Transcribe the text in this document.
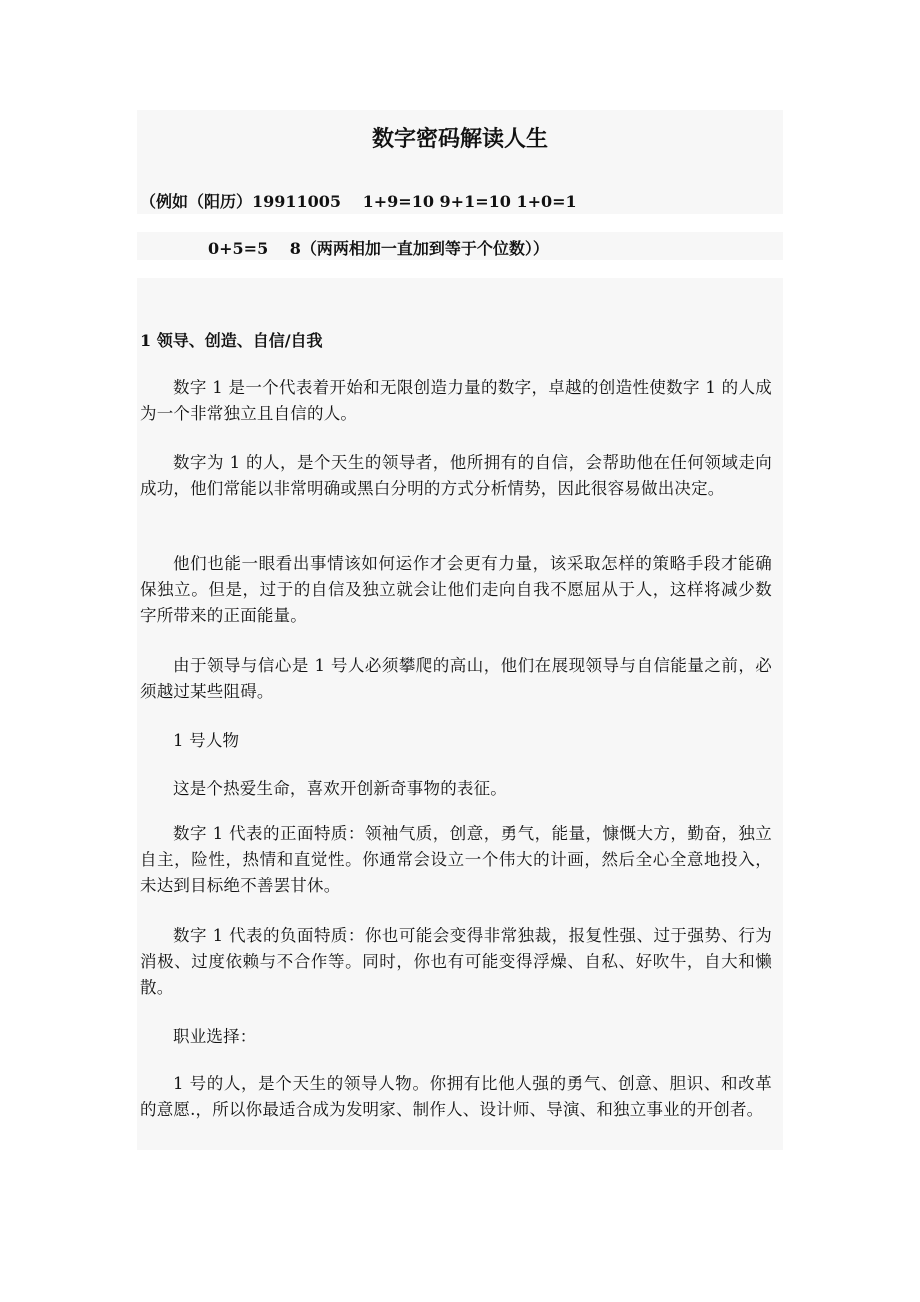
数字密码解读人生
（例如（阳历）19911005　 1+9=10 9+1=10 1+0=1
0+5=5　 8（两两相加一直加到等于个位数））
1 领导、创造、自信/自我

数字 1 是一个代表着开始和无限创造力量的数字，卓越的创造性使数字 1 的人成为一个非常独立且自信的人。

数字为 1 的人，是个天生的领导者，他所拥有的自信，会帮助他在任何领域走向成功，他们常能以非常明确或黑白分明的方式分析情势，因此很容易做出决定。

他们也能一眼看出事情该如何运作才会更有力量，该采取怎样的策略手段才能确保独立。但是，过于的自信及独立就会让他们走向自我不愿屈从于人，这样将减少数字所带来的正面能量。

由于领导与信心是 1 号人必须攀爬的高山，他们在展现领导与自信能量之前，必须越过某些阻碍。

1 号人物

这是个热爱生命，喜欢开创新奇事物的表征。

数字 1 代表的正面特质：领袖气质，创意，勇气，能量，慷慨大方，勤奋，独立自主，险性，热情和直觉性。你通常会设立一个伟大的计画，然后全心全意地投入，未达到目标绝不善罢甘休。

数字 1 代表的负面特质：你也可能会变得非常独裁，报复性强、过于强势、行为消极、过度依赖与不合作等。同时，你也有可能变得浮燥、自私、好吹牛，自大和懒散。

职业选择：

1 号的人，是个天生的领导人物。你拥有比他人强的勇气、创意、胆识、和改革的意愿.，所以你最适合成为发明家、制作人、设计师、导演、和独立事业的开创者。
